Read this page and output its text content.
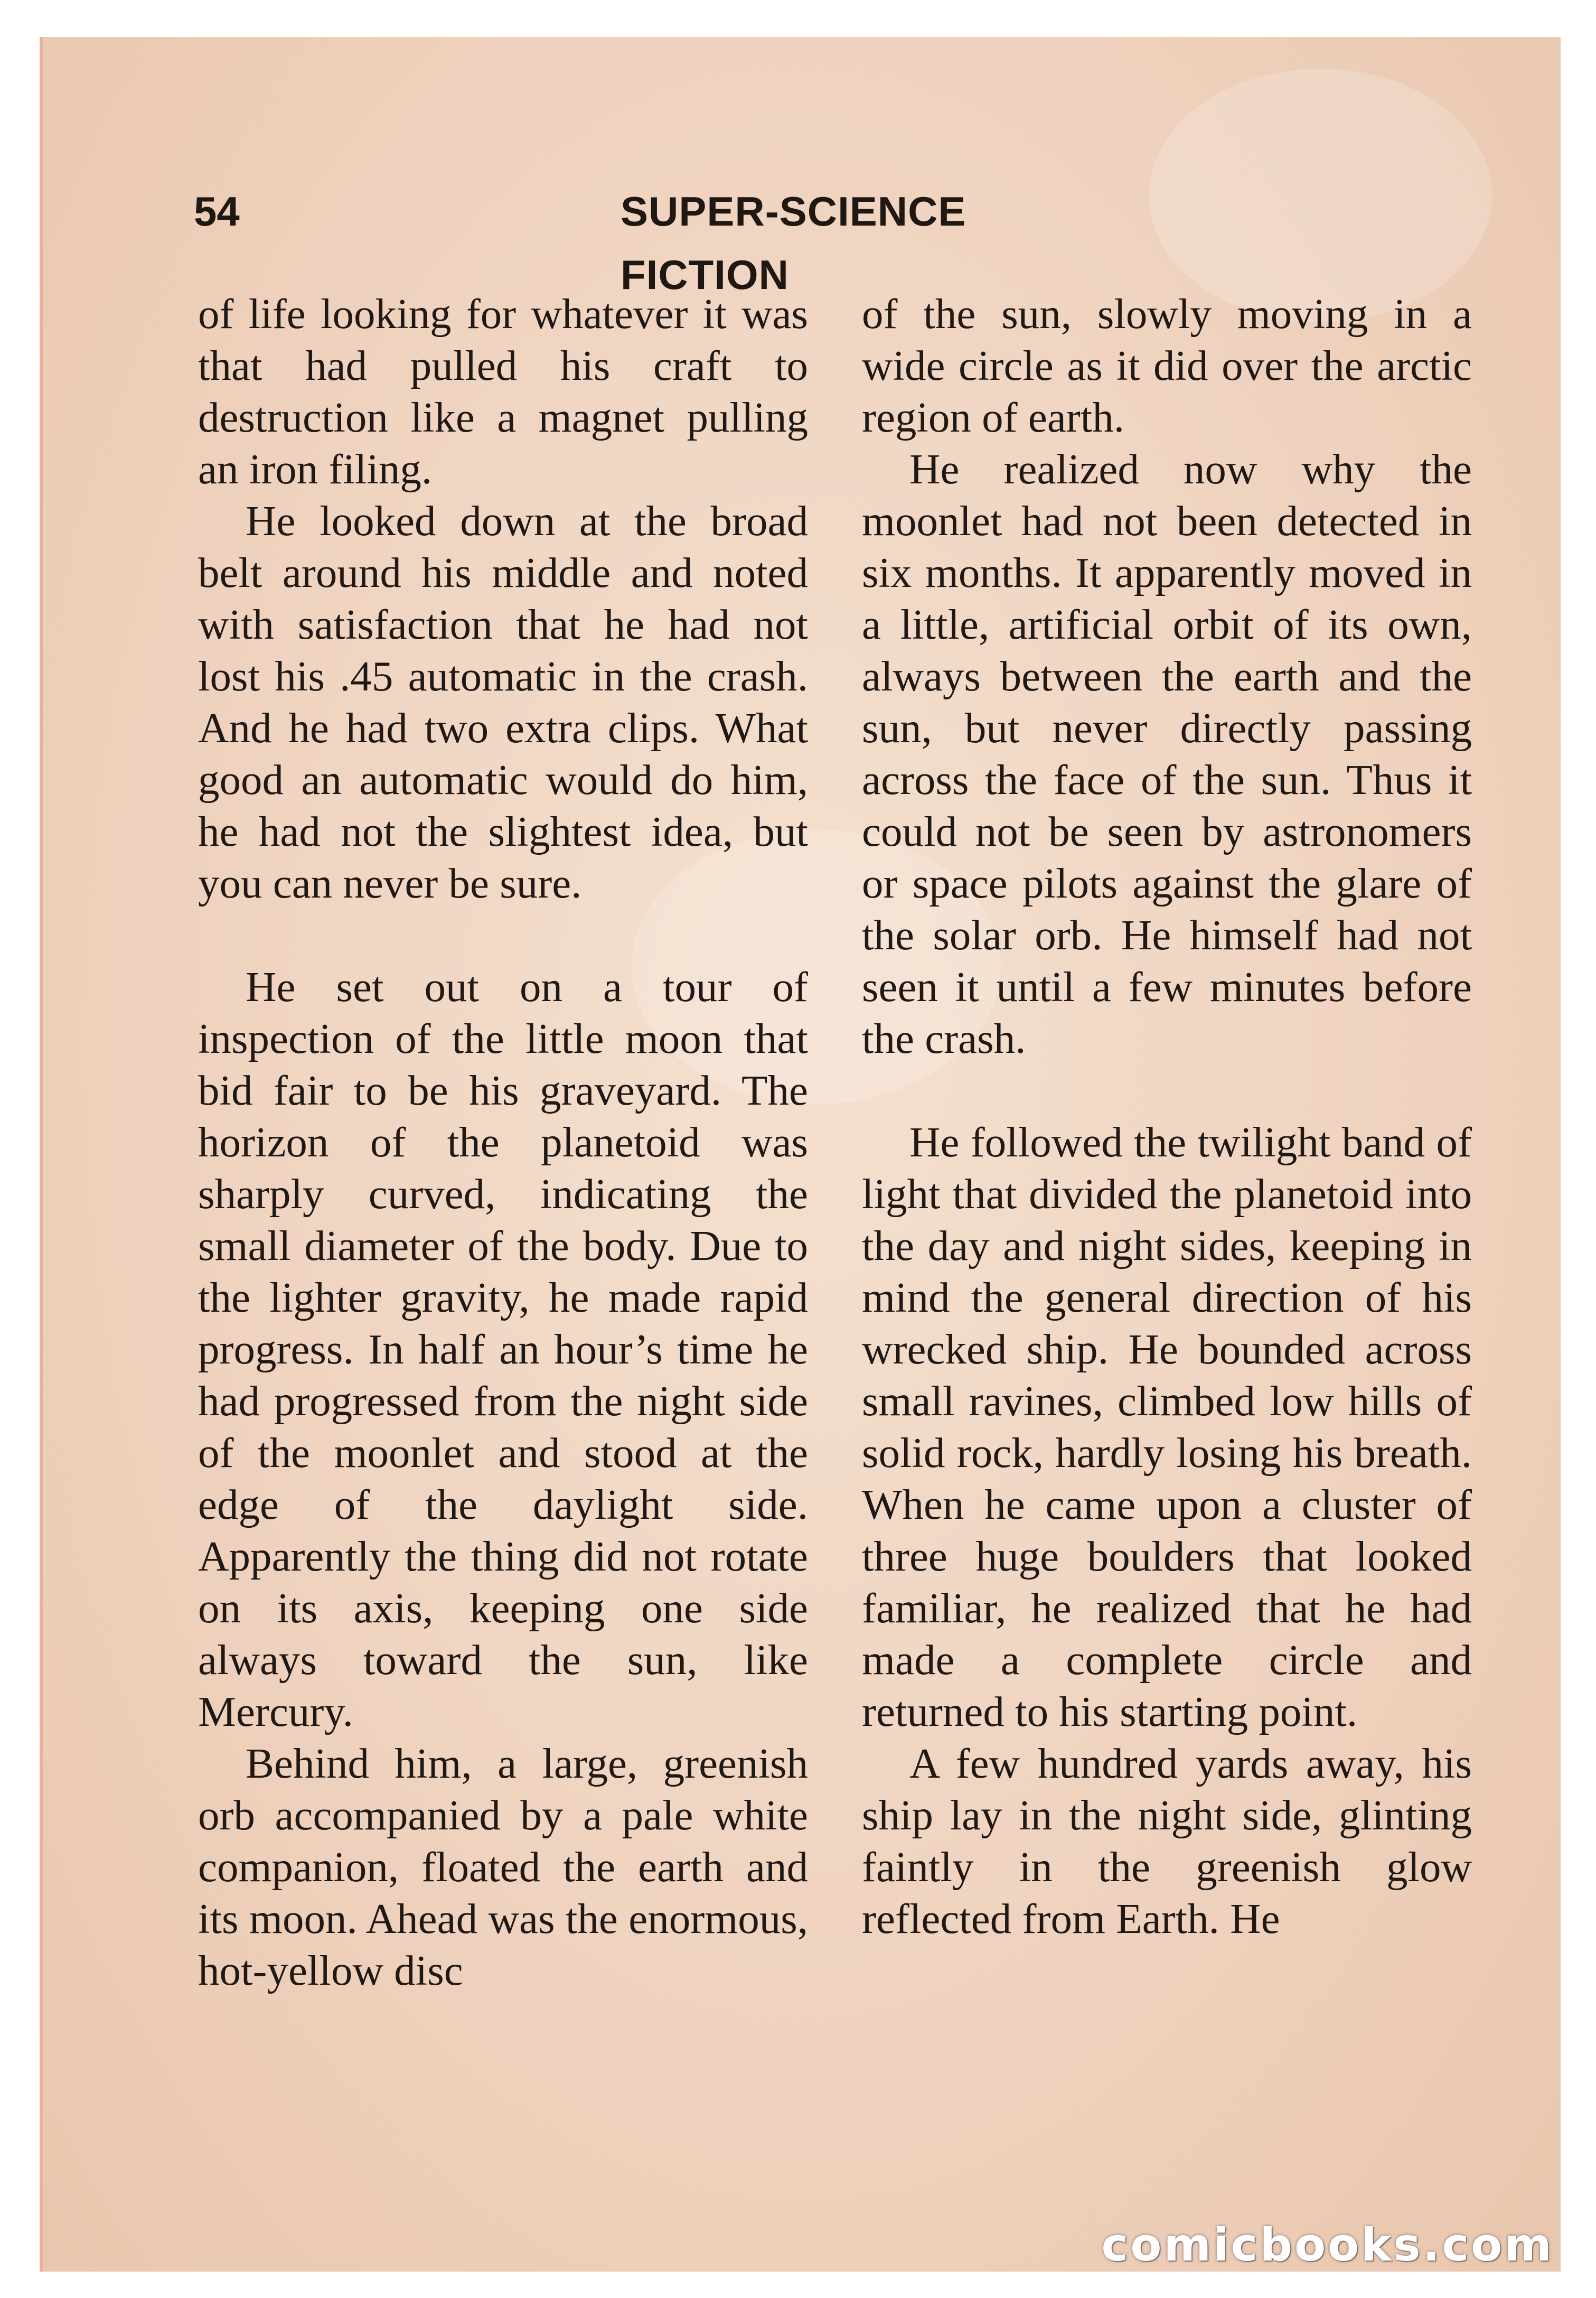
54	SUPER-SCIENCE FICTION

of life looking for whatever it was that had pulled his craft to destruction like a magnet pulling an iron filing.

He looked down at the broad belt around his middle and noted with satisfaction that he had not lost his .45 automatic in the crash. And he had two extra clips. What good an automatic would do him, he had not the slightest idea, but you can never be sure.

He set out on a tour of inspection of the little moon that bid fair to be his graveyard. The horizon of the planetoid was sharply curved, indicating the small diameter of the body. Due to the lighter gravity, he made rapid progress. In half an hour’s time he had progressed from the night side of the moonlet and stood at the edge of the daylight side. Apparently the thing did not rotate on its axis, keeping one side always toward the sun, like Mercury.

Behind him, a large, greenish orb accompanied by a pale white companion, floated the earth and its moon. Ahead was the enormous, hot-yellow disc

of the sun, slowly moving in a wide circle as it did over the arctic region of earth.

He realized now why the moonlet had not been detected in six months. It apparently moved in a little, artificial orbit of its own, always between the earth and the sun, but never directly passing across the face of the sun. Thus it could not be seen by astronomers or space pilots against the glare of the solar orb. He himself had not seen it until a few minutes before the crash.

He followed the twilight band of light that divided the planetoid into the day and night sides, keeping in mind the general direction of his wrecked ship. He bounded across small ravines, climbed low hills of solid rock, hardly losing his breath. When he came upon a cluster of three huge boulders that looked familiar, he realized that he had made a complete circle and returned to his starting point.

A few hundred yards away, his ship lay in the night side, glinting faintly in the greenish glow reflected from Earth. He

comicbooks.com
